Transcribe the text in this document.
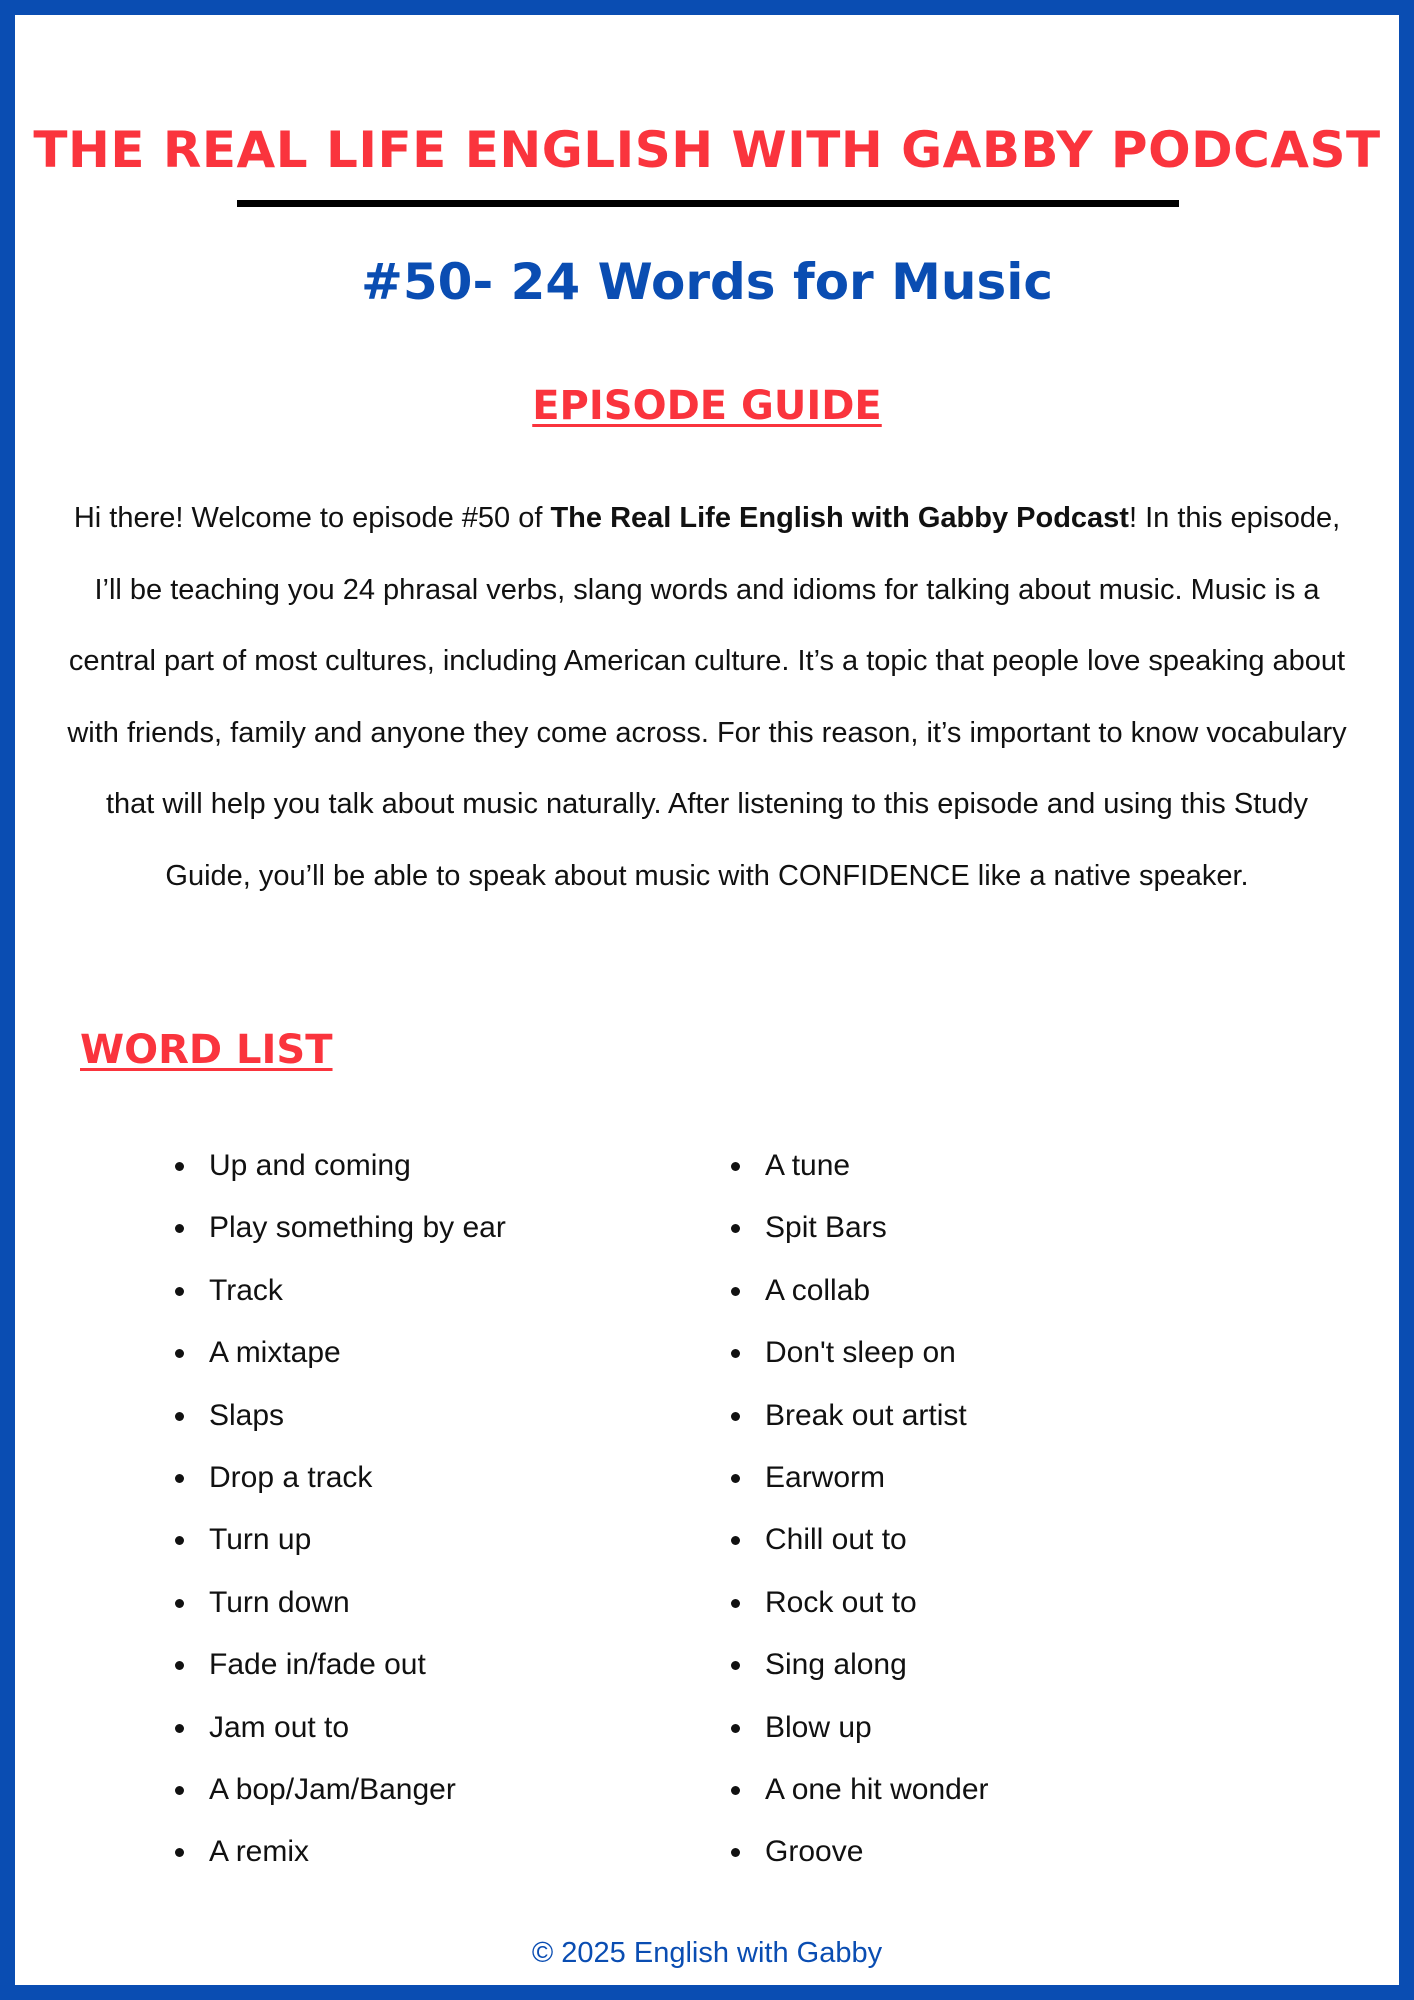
THE REAL LIFE ENGLISH WITH GABBY PODCAST
#50- 24 Words for Music
EPISODE GUIDE

Hi there! Welcome to episode #50 of The Real Life English with Gabby Podcast! In this episode, I’ll be teaching you 24 phrasal verbs, slang words and idioms for talking about music. Music is a central part of most cultures, including American culture. It’s a topic that people love speaking about with friends, family and anyone they come across. For this reason, it’s important to know vocabulary that will help you talk about music naturally. After listening to this episode and using this Study Guide, you’ll be able to speak about music with CONFIDENCE like a native speaker.

WORD LIST
Up and coming
Play something by ear
Track
A mixtape
Slaps
Drop a track
Turn up
Turn down
Fade in/fade out
Jam out to
A bop/Jam/Banger
A remix
A tune
Spit Bars
A collab
Don't sleep on
Break out artist
Earworm
Chill out to
Rock out to
Sing along
Blow up
A one hit wonder
Groove

© 2025 English with Gabby
